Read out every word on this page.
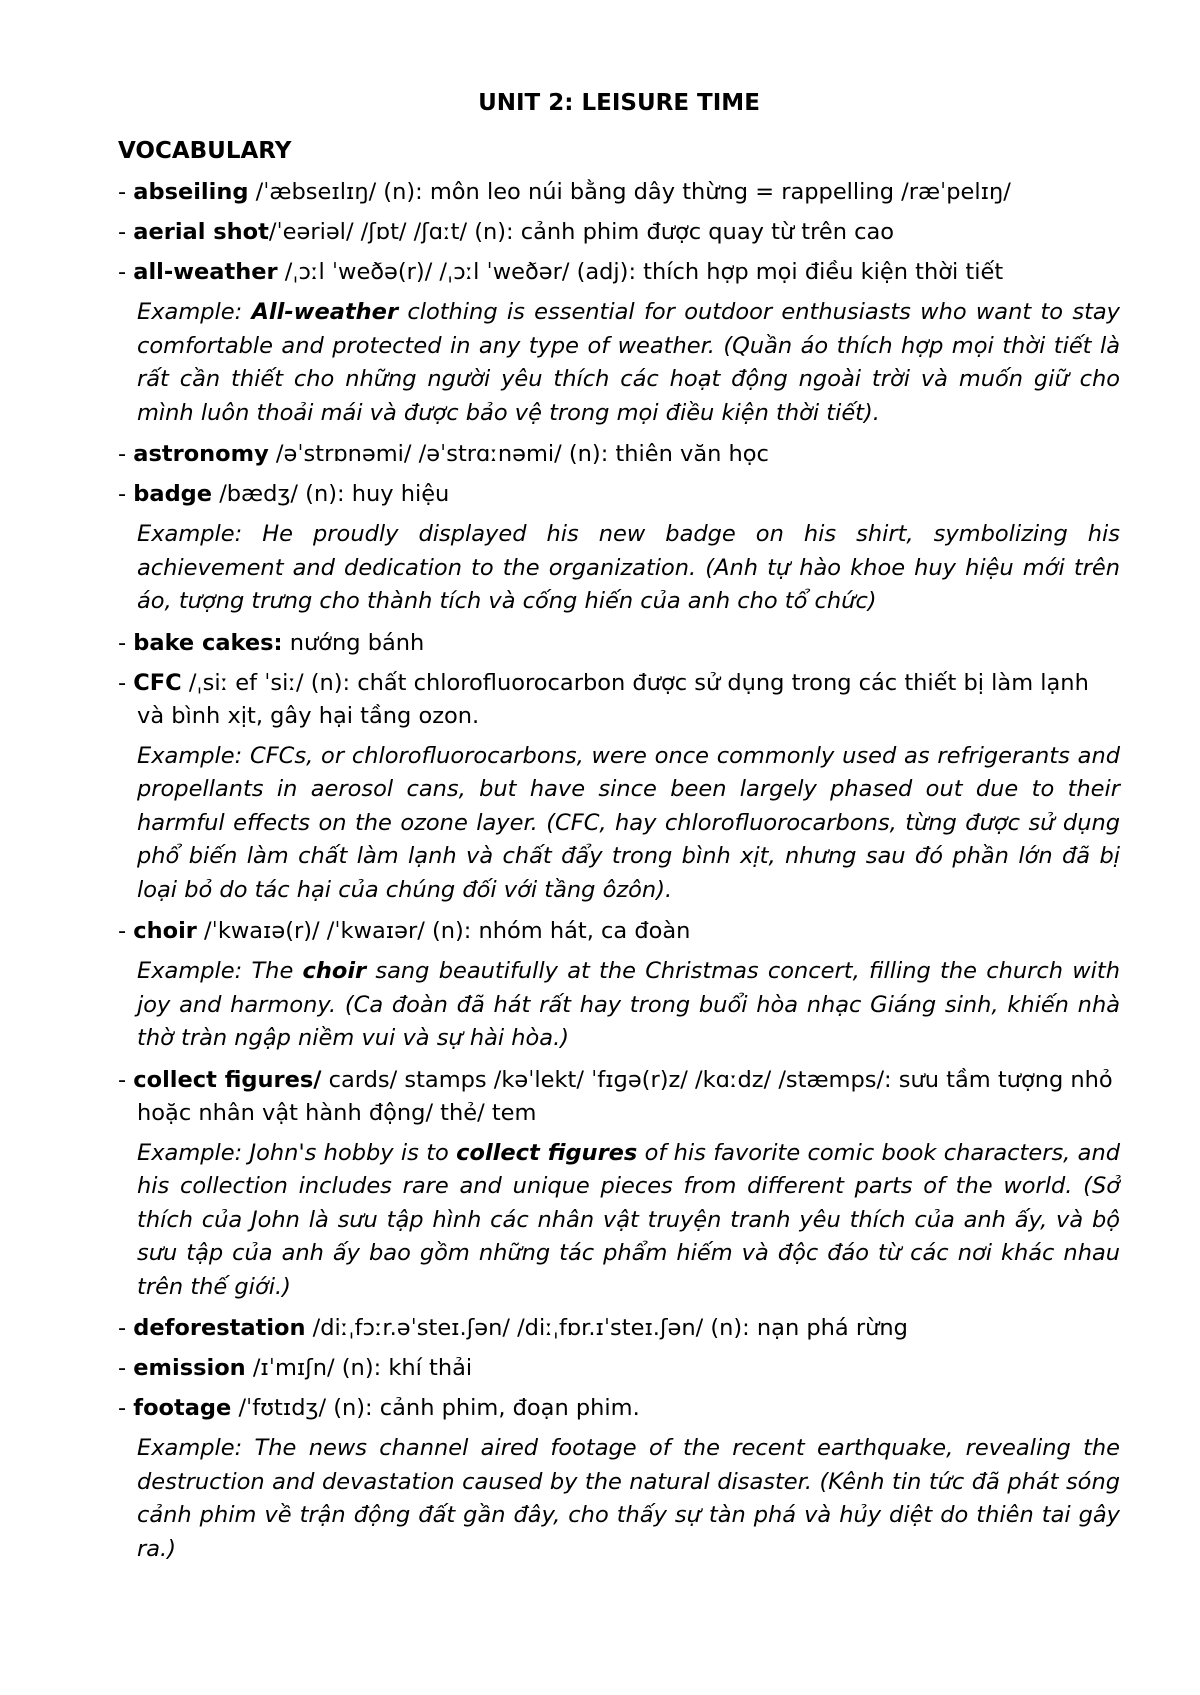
UNIT 2: LEISURE TIME
VOCABULARY
- abseiling /ˈæbseɪlɪŋ/ (n): môn leo núi bằng dây thừng = rappelling /ræˈpelɪŋ/
- aerial shot/ˈeəriəl/ /ʃɒt/ /ʃɑːt/ (n): cảnh phim được quay từ trên cao
- all-weather /ˌɔːl ˈweðə(r)/ /ˌɔːl ˈweðər/ (adj): thích hợp mọi điều kiện thời tiết
Example: All-weather clothing is essential for outdoor enthusiasts who want to stay comfortable and protected in any type of weather. (Quần áo thích hợp mọi thời tiết là rất cần thiết cho những người yêu thích các hoạt động ngoài trời và muốn giữ cho mình luôn thoải mái và được bảo vệ trong mọi điều kiện thời tiết).
- astronomy /əˈstrɒnəmi/ /əˈstrɑːnəmi/ (n): thiên văn học
- badge /bædʒ/ (n): huy hiệu
Example: He proudly displayed his new badge on his shirt, symbolizing his achievement and dedication to the organization. (Anh tự hào khoe huy hiệu mới trên áo, tượng trưng cho thành tích và cống hiến của anh cho tổ chức)
- bake cakes: nướng bánh
- CFC /ˌsiː ef ˈsiː/ (n): chất chlorofluorocarbon được sử dụng trong các thiết bị làm lạnh và bình xịt, gây hại tầng ozon.
Example: CFCs, or chlorofluorocarbons, were once commonly used as refrigerants and propellants in aerosol cans, but have since been largely phased out due to their harmful effects on the ozone layer. (CFC, hay chlorofluorocarbons, từng được sử dụng phổ biến làm chất làm lạnh và chất đẩy trong bình xịt, nhưng sau đó phần lớn đã bị loại bỏ do tác hại của chúng đối với tầng ôzôn).
- choir /ˈkwaɪə(r)/ /ˈkwaɪər/ (n): nhóm hát, ca đoàn
Example: The choir sang beautifully at the Christmas concert, filling the church with joy and harmony. (Ca đoàn đã hát rất hay trong buổi hòa nhạc Giáng sinh, khiến nhà thờ tràn ngập niềm vui và sự hài hòa.)
- collect figures/ cards/ stamps /kəˈlekt/ ˈfɪɡə(r)z/ /kɑːdz/ /stæmps/: sưu tầm tượng nhỏ hoặc nhân vật hành động/ thẻ/ tem
Example: John's hobby is to collect figures of his favorite comic book characters, and his collection includes rare and unique pieces from different parts of the world. (Sở thích của John là sưu tập hình các nhân vật truyện tranh yêu thích của anh ấy, và bộ sưu tập của anh ấy bao gồm những tác phẩm hiếm và độc đáo từ các nơi khác nhau trên thế giới.)
- deforestation /diːˌfɔːr.əˈsteɪ.ʃən/ /diːˌfɒr.ɪˈsteɪ.ʃən/ (n): nạn phá rừng
- emission /ɪˈmɪʃn/ (n): khí thải
- footage /ˈfʊtɪdʒ/ (n): cảnh phim, đoạn phim.
Example: The news channel aired footage of the recent earthquake, revealing the destruction and devastation caused by the natural disaster. (Kênh tin tức đã phát sóng cảnh phim về trận động đất gần đây, cho thấy sự tàn phá và hủy diệt do thiên tai gây ra.)
